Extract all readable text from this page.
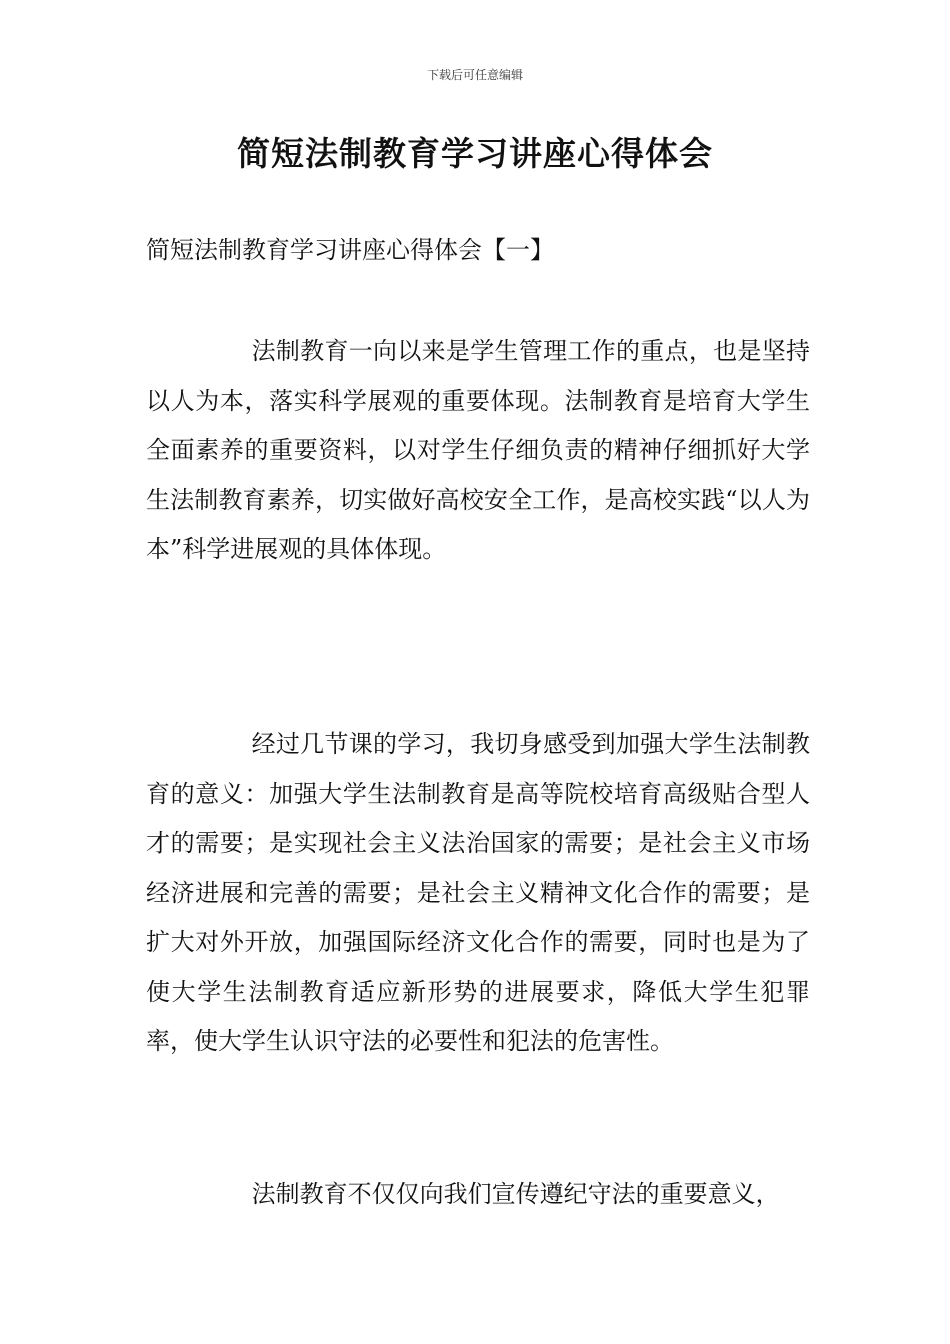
下载后可任意编辑
简短法制教育学习讲座心得体会
简短法制教育学习讲座心得体会【一】

法制教育一向以来是学生管理工作的重点，也是坚持以人为本，落实科学展观的重要体现。法制教育是培育大学生全面素养的重要资料，以对学生仔细负责的精神仔细抓好大学生法制教育素养，切实做好高校安全工作，是高校实践“以人为本”科学进展观的具体体现。

经过几节课的学习，我切身感受到加强大学生法制教育的意义：加强大学生法制教育是高等院校培育高级贴合型人才的需要；是实现社会主义法治国家的需要；是社会主义市场经济进展和完善的需要；是社会主义精神文化合作的需要；是扩大对外开放，加强国际经济文化合作的需要，同时也是为了使大学生法制教育适应新形势的进展要求，降低大学生犯罪率，使大学生认识守法的必要性和犯法的危害性。

法制教育不仅仅向我们宣传遵纪守法的重要意义，
